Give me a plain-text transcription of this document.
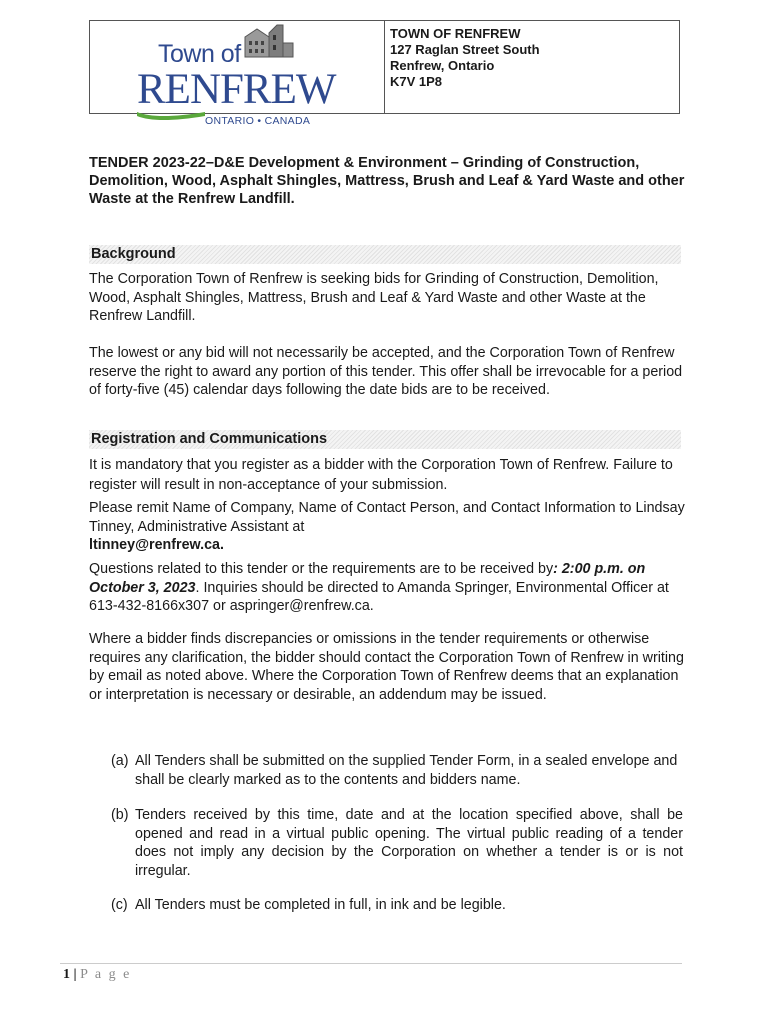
Town of
RENFREW
ONTARIO • CANADA
TOWN OF RENFREW
127 Raglan Street South
Renfrew, Ontario
K7V 1P8
TENDER 2023-22–D&E Development & Environment – Grinding of Construction, Demolition, Wood, Asphalt Shingles, Mattress, Brush and Leaf & Yard Waste and other Waste at the Renfrew Landfill.
Background
The Corporation Town of Renfrew is seeking bids for Grinding of Construction, Demolition, Wood, Asphalt Shingles, Mattress, Brush and Leaf & Yard Waste and other Waste at the Renfrew Landfill.
The lowest or any bid will not necessarily be accepted, and the Corporation Town of Renfrew reserve the right to award any portion of this tender. This offer shall be irrevocable for a period of forty-five (45) calendar days following the date bids are to be received.
Registration and Communications
It is mandatory that you register as a bidder with the Corporation Town of Renfrew. Failure to register will result in non-acceptance of your submission.
Please remit Name of Company, Name of Contact Person, and Contact Information to Lindsay Tinney, Administrative Assistant at
ltinney@renfrew.ca.
Questions related to this tender or the requirements are to be received by: 2:00 p.m. on October 3, 2023. Inquiries should be directed to Amanda Springer, Environmental Officer at 613-432-8166x307 or aspringer@renfrew.ca.
Where a bidder finds discrepancies or omissions in the tender requirements or otherwise requires any clarification, the bidder should contact the Corporation Town of Renfrew in writing by email as noted above. Where the Corporation Town of Renfrew deems that an explanation or interpretation is necessary or desirable, an addendum may be issued.
(a) All Tenders shall be submitted on the supplied Tender Form, in a sealed envelope and shall be clearly marked as to the contents and bidders name.
(b) Tenders received by this time, date and at the location specified above, shall be opened and read in a virtual public opening. The virtual public reading of a tender does not imply any decision by the Corporation on whether a tender is or is not irregular.
(c) All Tenders must be completed in full, in ink and be legible.
1 | P a g e
